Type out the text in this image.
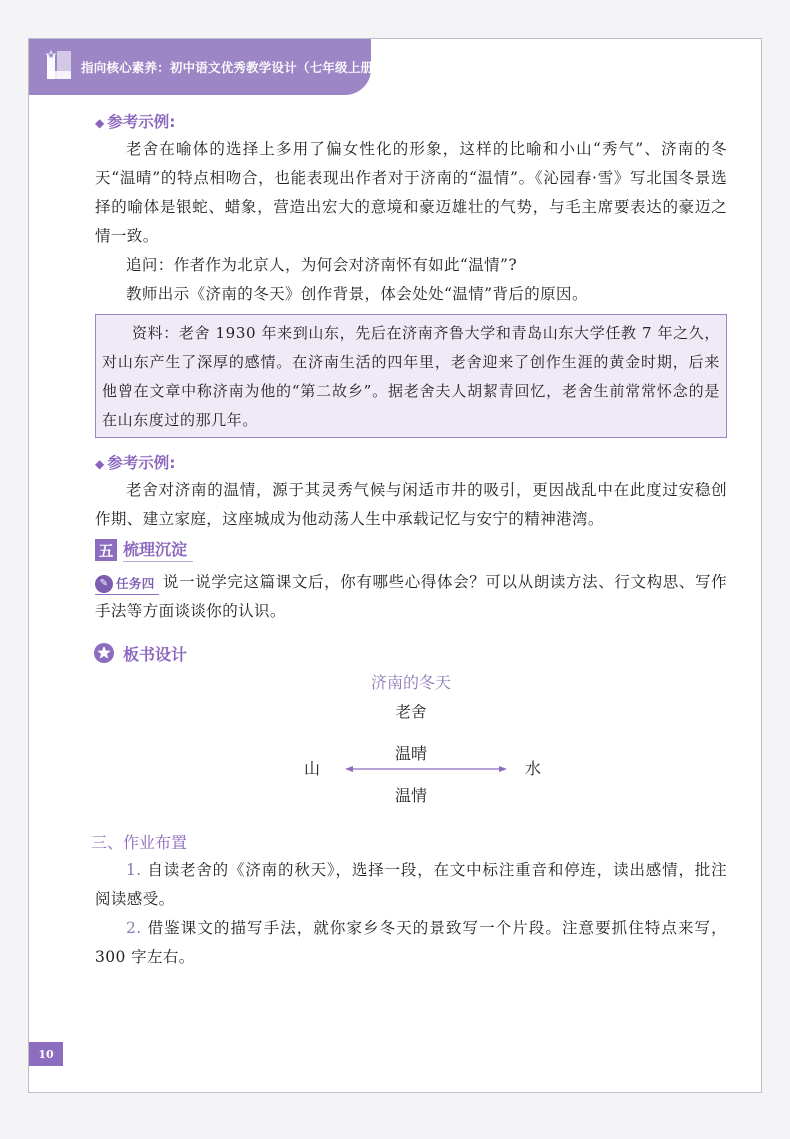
指向核心素养：初中语文优秀教学设计（七年级上册）
◆ 参考示例:

老舍在喻体的选择上多用了偏女性化的形象，这样的比喻和小山“秀气”、济南的冬天“温晴”的特点相吻合，也能表现出作者对于济南的“温情”。《沁园春·雪》写北国冬景选择的喻体是银蛇、蜡象，营造出宏大的意境和豪迈雄壮的气势，与毛主席要表达的豪迈之情一致。

追问：作者作为北京人，为何会对济南怀有如此“温情”?

教师出示《济南的冬天》创作背景，体会处处“温情”背后的原因。

资料：老舍 1930 年来到山东，先后在济南齐鲁大学和青岛山东大学任教 7 年之久，对山东产生了深厚的感情。在济南生活的四年里，老舍迎来了创作生涯的黄金时期，后来他曾在文章中称济南为他的“第二故乡”。据老舍夫人胡絜青回忆，老舍生前常常怀念的是在山东度过的那几年。
◆ 参考示例:

老舍对济南的温情，源于其灵秀气候与闲适市井的吸引，更因战乱中在此度过安稳创作期、建立家庭，这座城成为他动荡人生中承载记忆与安宁的精神港湾。

五 梳理沉淀
✎ 任务四 说一说学完这篇课文后，你有哪些心得体会？可以从朗读方法、行文构思、写作手法等方面谈谈你的认识。
板书设计
济南的冬天
老舍
温晴
山	水
温情
三、作业布置

1. 自读老舍的《济南的秋天》，选择一段，在文中标注重音和停连，读出感情，批注阅读感受。

2. 借鉴课文的描写手法，就你家乡冬天的景致写一个片段。注意要抓住特点来写，300 字左右。

10
